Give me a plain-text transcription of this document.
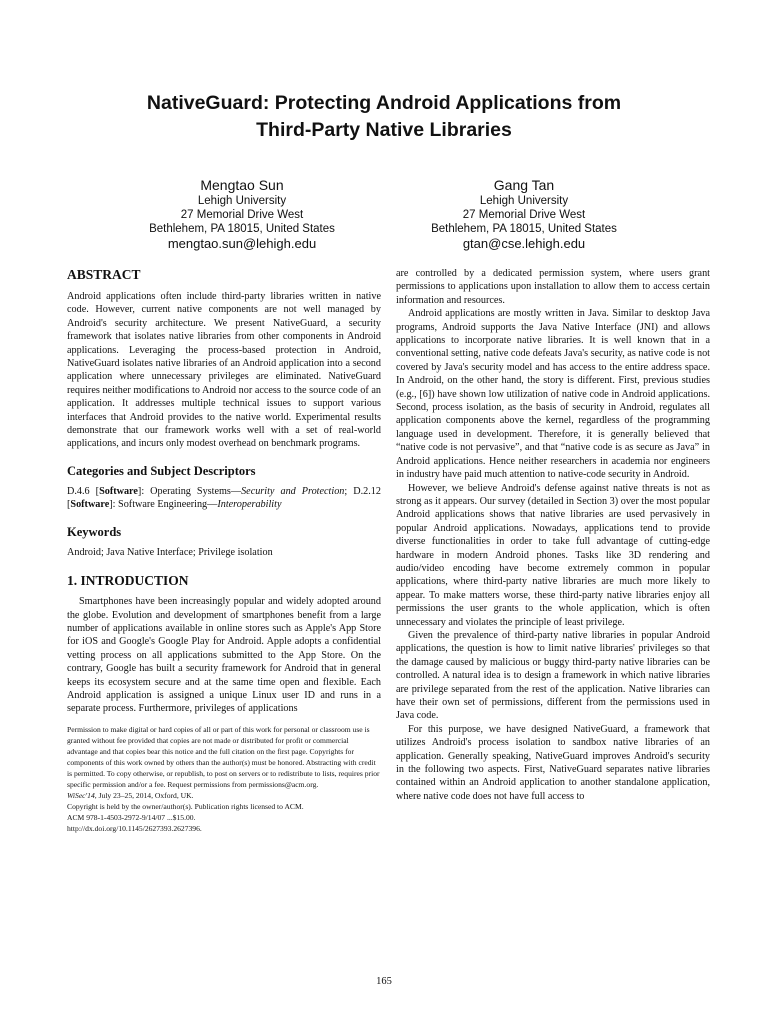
NativeGuard: Protecting Android Applications from
Third-Party Native Libraries
Mengtao Sun
Lehigh University
27 Memorial Drive West
Bethlehem, PA 18015, United States
mengtao.sun@lehigh.edu
Gang Tan
Lehigh University
27 Memorial Drive West
Bethlehem, PA 18015, United States
gtan@cse.lehigh.edu
ABSTRACT

Android applications often include third-party libraries written in native code. However, current native components are not well managed by Android's security architecture. We present NativeGuard, a security framework that isolates native libraries from other components in Android applications. Leveraging the process-based protection in Android, NativeGuard isolates native libraries of an Android application into a second application where unnecessary privileges are eliminated. NativeGuard requires neither modifications to Android nor access to the source code of an application. It addresses multiple technical issues to support various interfaces that Android provides to the native world. Experimental results demonstrate that our framework works well with a set of real-world applications, and incurs only modest overhead on benchmark programs.

Categories and Subject Descriptors

D.4.6 [Software]: Operating Systems—Security and Protection; D.2.12 [Software]: Software Engineering—Interoperability

Keywords

Android; Java Native Interface; Privilege isolation

1. INTRODUCTION

Smartphones have been increasingly popular and widely adopted around the globe. Evolution and development of smartphones benefit from a large number of applications available in online stores such as Apple's App Store for iOS and Google's Google Play for Android. Apple adopts a confidential vetting process on all applications submitted to the App Store. On the contrary, Google has built a security framework for Android that in general keeps its ecosystem secure and at the same time open and flexible. Each Android application is assigned a unique Linux user ID and runs in a separate process. Furthermore, privileges of applications

Permission to make digital or hard copies of all or part of this work for personal or classroom use is granted without fee provided that copies are not made or distributed for profit or commercial advantage and that copies bear this notice and the full citation on the first page. Copyrights for components of this work owned by others than the author(s) must be honored. Abstracting with credit is permitted. To copy otherwise, or republish, to post on servers or to redistribute to lists, requires prior specific permission and/or a fee. Request permissions from permissions@acm.org.
WiSec'14, July 23–25, 2014, Oxford, UK.
Copyright is held by the owner/author(s). Publication rights licensed to ACM.
ACM 978-1-4503-2972-9/14/07 ...$15.00.
http://dx.doi.org/10.1145/2627393.2627396.

are controlled by a dedicated permission system, where users grant permissions to applications upon installation to allow them to access certain information and resources.

Android applications are mostly written in Java. Similar to desktop Java programs, Android supports the Java Native Interface (JNI) and allows applications to incorporate native libraries. It is well known that in a conventional setting, native code defeats Java's security, as native code is not covered by Java's security model and has access to the entire address space. In Android, on the other hand, the story is different. First, previous studies (e.g., [6]) have shown low utilization of native code in Android applications. Second, process isolation, as the basis of security in Android, regulates all application components above the kernel, regardless of the programming language used in development. Therefore, it is generally believed that “native code is not pervasive”, and that “native code is as secure as Java” in Android applications. Hence neither researchers in academia nor engineers in industry have paid much attention to native-code security in Android.

However, we believe Android's defense against native threats is not as strong as it appears. Our survey (detailed in Section 3) over the most popular Android applications shows that native libraries are used pervasively in popular Android applications. Nowadays, applications tend to provide diverse functionalities in order to take full advantage of cutting-edge hardware in modern Android phones. Tasks like 3D rendering and audio/video encoding have become extremely common in popular applications, where third-party native libraries are much more likely to appear. To make matters worse, these third-party native libraries enjoy all permissions the user grants to the whole application, which is often unnecessary and violates the principle of least privilege.

Given the prevalence of third-party native libraries in popular Android applications, the question is how to limit native libraries' privileges so that the damage caused by malicious or buggy third-party native libraries can be controlled. A natural idea is to design a framework in which native libraries are privilege separated from the rest of the application. Native libraries can have their own set of permissions, different from the permissions used in Java code.

For this purpose, we have designed NativeGuard, a framework that utilizes Android's process isolation to sandbox native libraries of an application. Generally speaking, NativeGuard improves Android's security in the following two aspects. First, NativeGuard separates native libraries contained within an Android application to another standalone application, where native code does not have full access to

165
